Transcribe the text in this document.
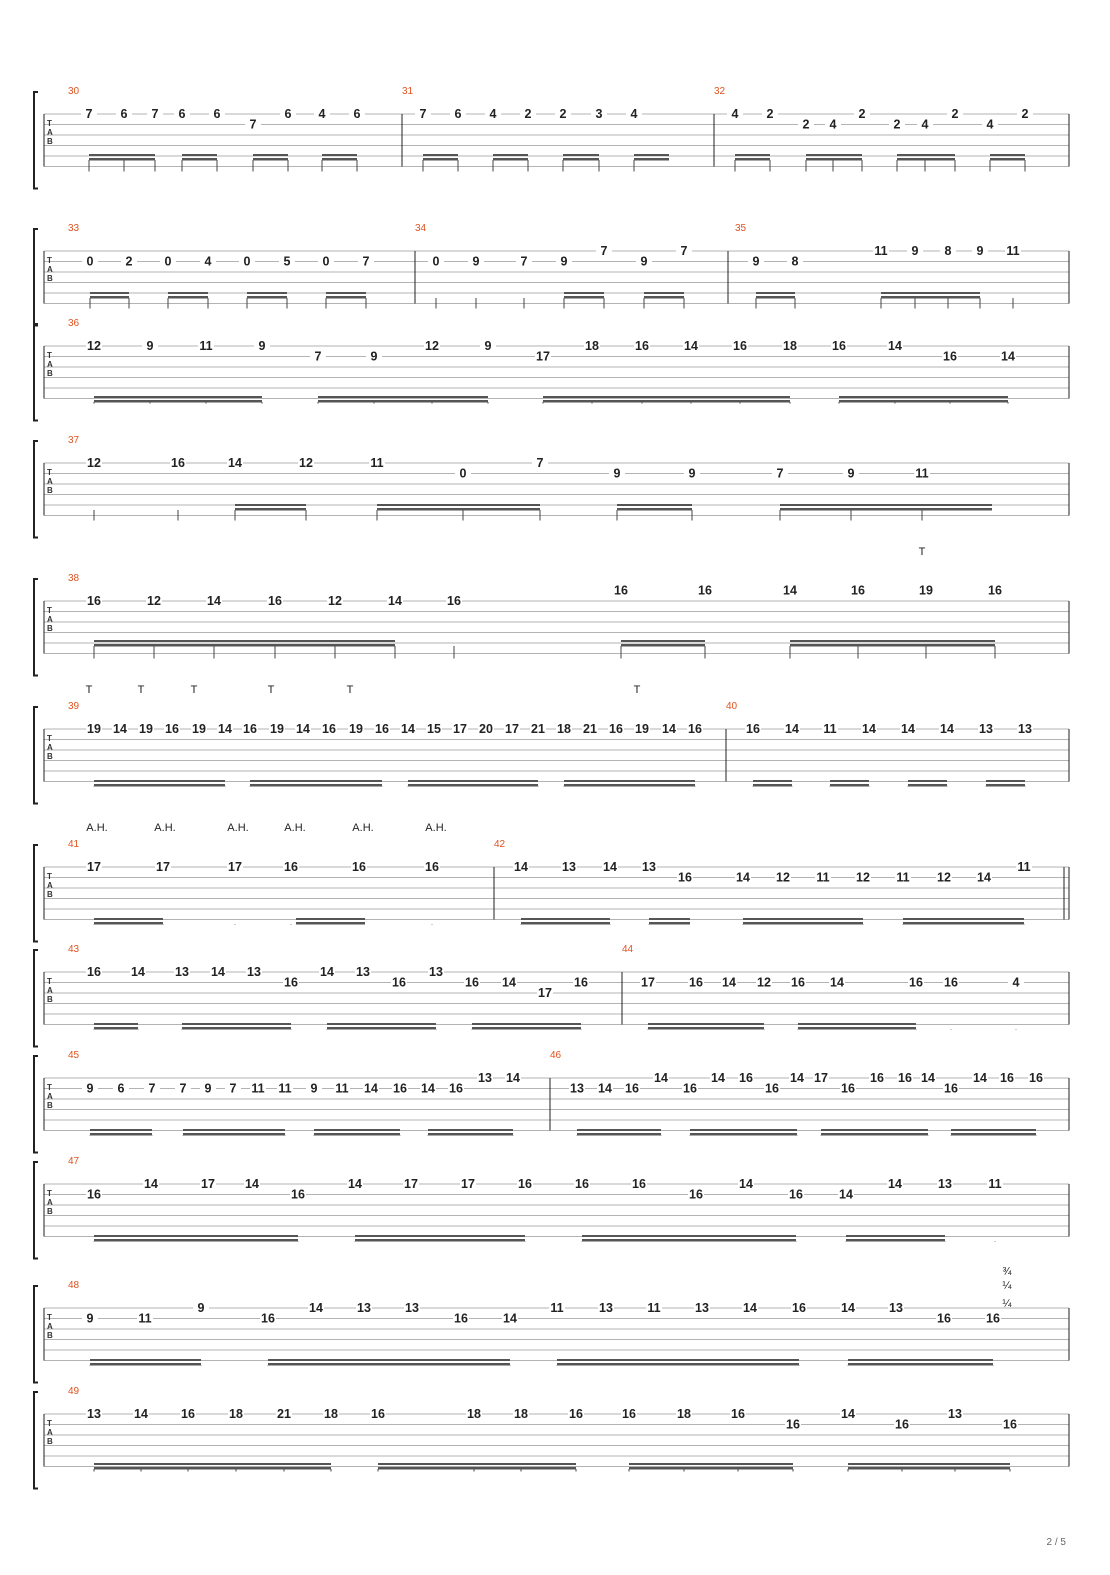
T
A
B
30	31	32
7 6 7 6 6
7
6 4 6	7 6 4 2 2 3 4	4 2
2 4
2
2 4
2
4
2
T
A
B
33	34	35
0	2	0	4	0	5	0	7	0	9	7	9
7
9
7
9	8
11 9 8 9 11
T
A
B
36
12	9	11	9
7	9
12	9
17
18	16	14	16	18	16	14
16	14
T
A
B
37
12	16	14	12	11
0
7
9	9	7	9	11
T
A
B
38
16	12	14	16	12	14	16
16	16	14	16	19	16
T
T
A
B
39	40
19 14 19 16 19 14 16 19 14 16 19 16 14 15 17 20 17 21 18 21 16 19 14 16	16 14 11 14 14 14 13 13
T	T	T	T	T	T
T
A
B
41	42
17	17	17	16	16	16	14	13 14 13
16	14 12 11 12 11 12 14
11
A.H.	A.H.	A.H.	A.H.	A.H.	A.H.
T
A
B
43	44
16 14 13 14 13
16
14 13
16
13
16 14
17
16	17	16 14 12 16 14	16 16	4
T
A
B
45	46
9 6 7 7 9 7 11 11 9 11 14 16 14 16
13 14
13 14 16
14
16
14 16
16
14 17
16
16 16 14
16
14 16 16
T
A
B
47
16
14	17 14
16
14	17	17	16	16	16
16
14
16	14
14	13	11
T
A
B
48
9	11
9
16
14	13	13
16	14
11	13	11	13	14	16	14	13
16	16
¾
¼
¼
T
A
B
49
13	14	16	18	21	18	16	18	18	16	16	18	16
16
14
16
13
16
2 / 5
